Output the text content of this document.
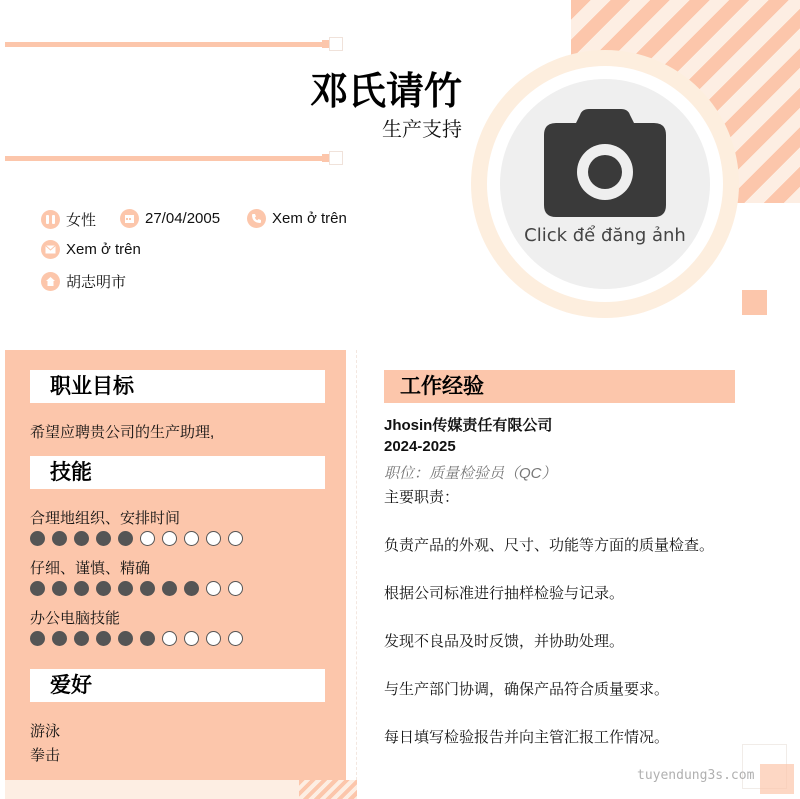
Click để đăng ảnh
邓氏请竹
生产支持
女性	27/04/2005	Xem ở trên
Xem ở trên
胡志明市
职业目标
希望应聘贵公司的生产助理,
技能
合理地组织、安排时间
仔细、谨慎、精确
办公电脑技能
爱好
游泳
拳击
工作经验
Jhosin传媒责任有限公司
2024-2025
职位：质量检验员（QC）
主要职责：
负责产品的外观、尺寸、功能等方面的质量检查。
根据公司标准进行抽样检验与记录。
发现不良品及时反馈，并协助处理。
与生产部门协调，确保产品符合质量要求。
每日填写检验报告并向主管汇报工作情况。
tuyendung3s.com
